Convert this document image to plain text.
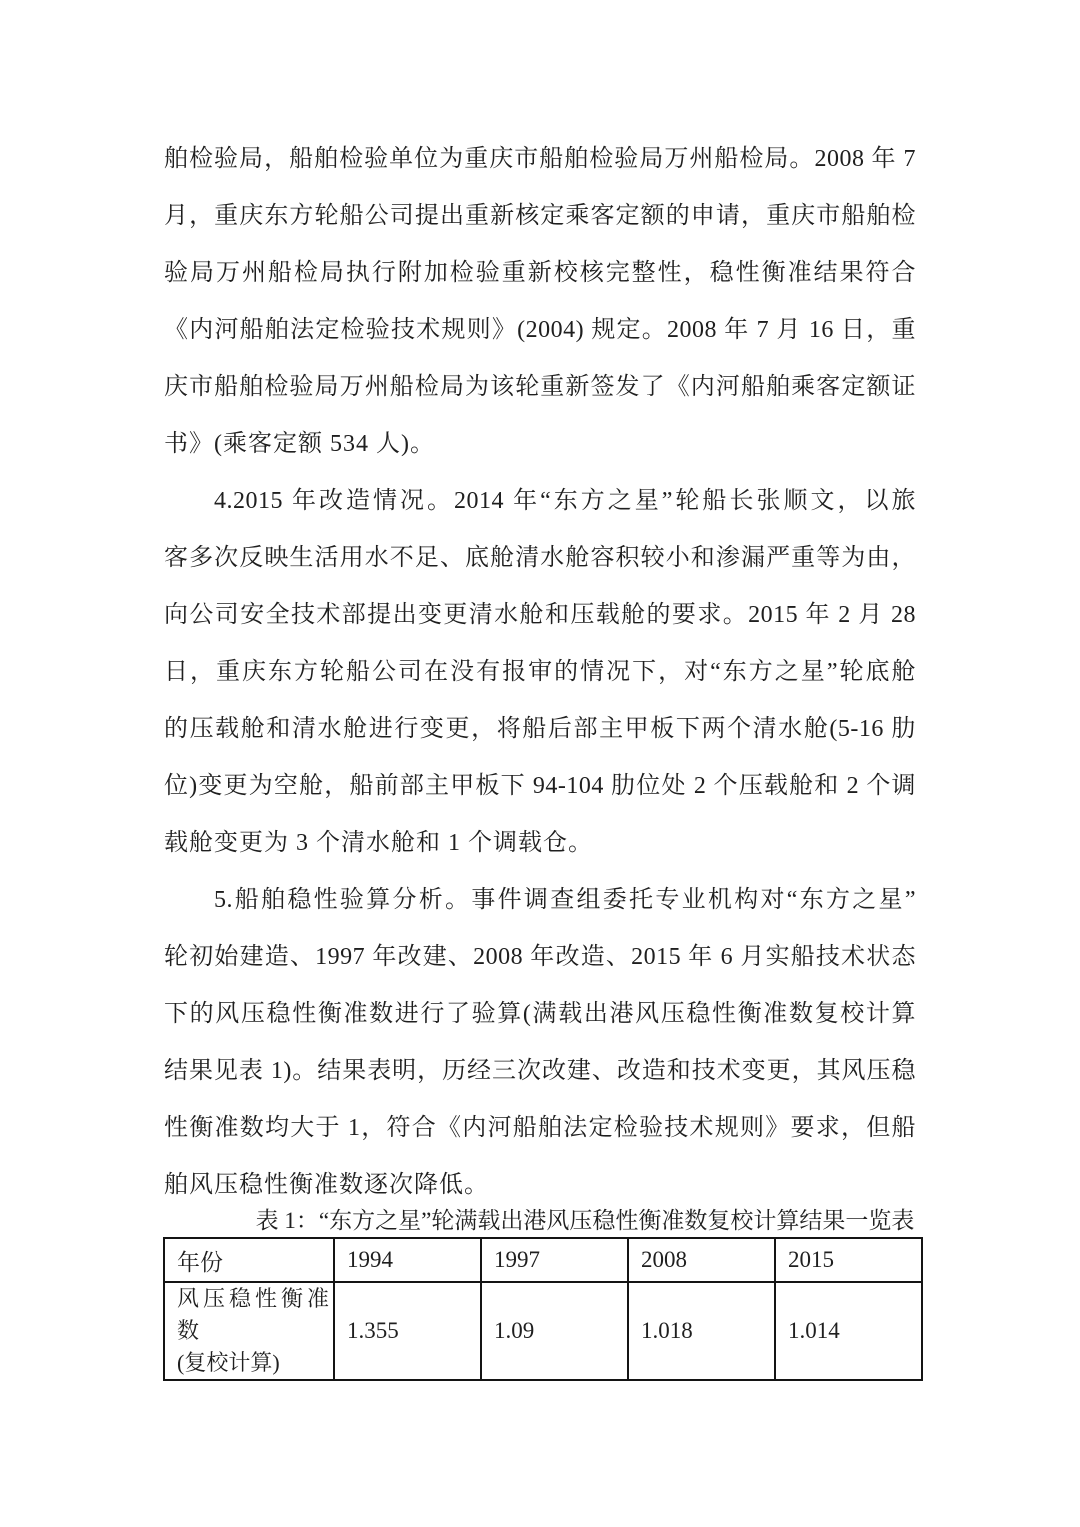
舶检验局，船舶检验单位为重庆市船舶检验局万州船检局。2008 年 7
月，重庆东方轮船公司提出重新核定乘客定额的申请，重庆市船舶检
验局万州船检局执行附加检验重新校核完整性，稳性衡准结果符合
《内河船舶法定检验技术规则》(2004) 规定。2008 年 7 月 16 日，重
庆市船舶检验局万州船检局为该轮重新签发了《内河船舶乘客定额证
书》(乘客定额 534 人)。
4.2015 年改造情况。2014 年“东方之星”轮船长张顺文，以旅
客多次反映生活用水不足、底舱清水舱容积较小和渗漏严重等为由，
向公司安全技术部提出变更清水舱和压载舱的要求。2015 年 2 月 28
日，重庆东方轮船公司在没有报审的情况下，对“东方之星”轮底舱
的压载舱和清水舱进行变更，将船后部主甲板下两个清水舱(5-16 肋
位)变更为空舱，船前部主甲板下 94-104 肋位处 2 个压载舱和 2 个调
载舱变更为 3 个清水舱和 1 个调载仓。
5.船舶稳性验算分析。事件调查组委托专业机构对“东方之星”
轮初始建造、1997 年改建、2008 年改造、2015 年 6 月实船技术状态
下的风压稳性衡准数进行了验算(满载出港风压稳性衡准数复校计算
结果见表 1)。结果表明，历经三次改建、改造和技术变更，其风压稳
性衡准数均大于 1，符合《内河船舶法定检验技术规则》要求，但船
舶风压稳性衡准数逐次降低。
表 1：“东方之星”轮满载出港风压稳性衡准数复校计算结果一览表
年份	1994	1997	2008	2015

风压稳性衡准数
(复校计算)	1.355	1.09	1.018	1.014
